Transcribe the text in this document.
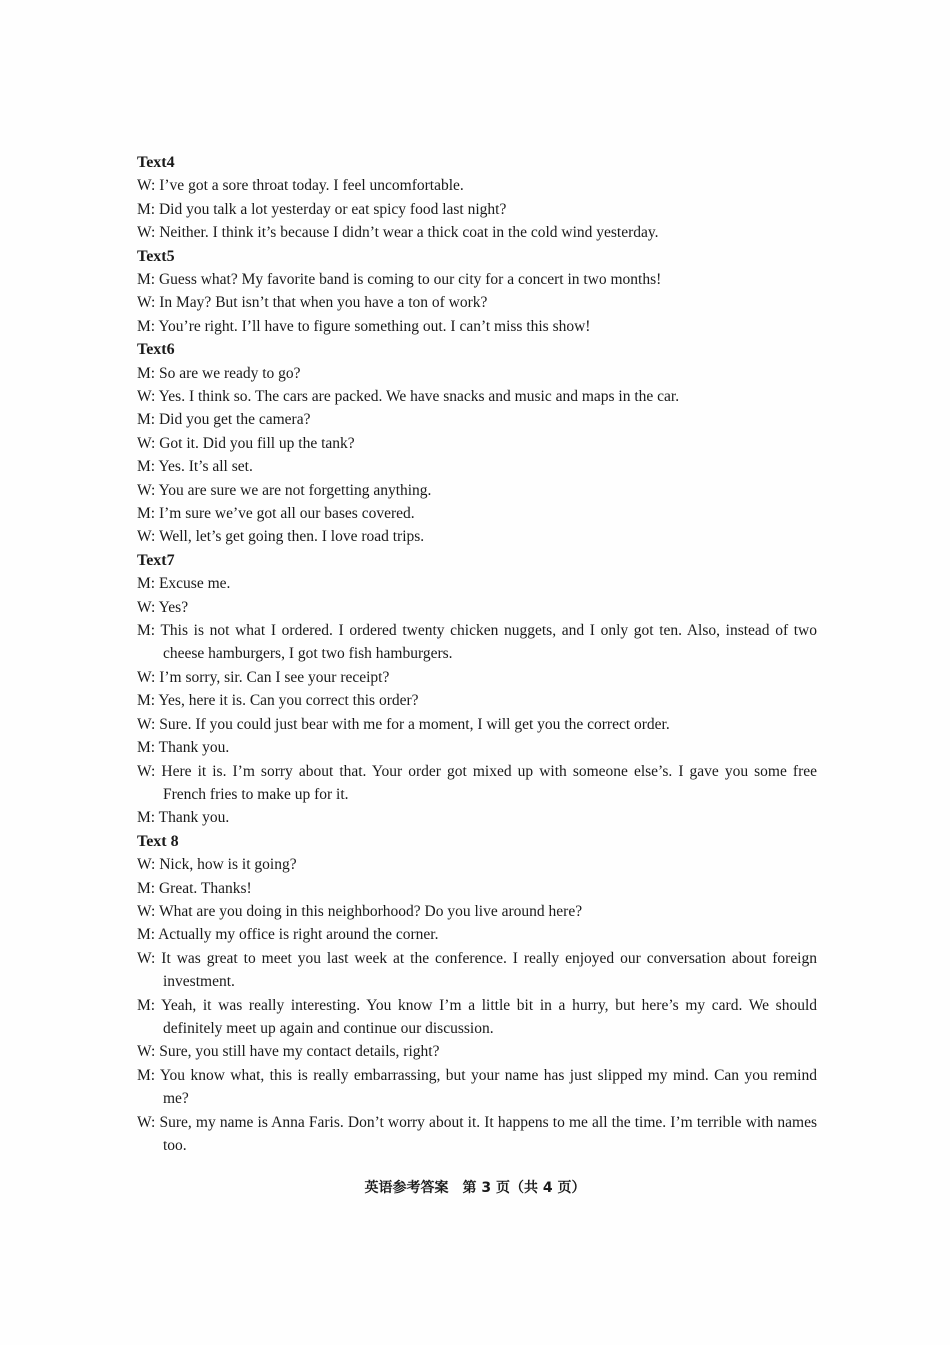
Text4
W: I’ve got a sore throat today. I feel uncomfortable.
M: Did you talk a lot yesterday or eat spicy food last night?
W: Neither. I think it’s because I didn’t wear a thick coat in the cold wind yesterday.
Text5
M: Guess what? My favorite band is coming to our city for a concert in two months!
W: In May? But isn’t that when you have a ton of work?
M: You’re right. I’ll have to figure something out. I can’t miss this show!
Text6
M: So are we ready to go?
W: Yes. I think so. The cars are packed. We have snacks and music and maps in the car.
M: Did you get the camera?
W: Got it. Did you fill up the tank?
M: Yes. It’s all set.
W: You are sure we are not forgetting anything.
M: I’m sure we’ve got all our bases covered.
W: Well, let’s get going then. I love road trips.
Text7
M: Excuse me.
W: Yes?
M: This is not what I ordered. I ordered twenty chicken nuggets, and I only got ten. Also, instead of two cheese hamburgers, I got two fish hamburgers.
W: I’m sorry, sir. Can I see your receipt?
M: Yes, here it is. Can you correct this order?
W: Sure. If you could just bear with me for a moment, I will get you the correct order.
M: Thank you.
W: Here it is. I’m sorry about that. Your order got mixed up with someone else’s. I gave you some free French fries to make up for it.
M: Thank you.
Text 8
W: Nick, how is it going?
M: Great. Thanks!
W: What are you doing in this neighborhood? Do you live around here?
M: Actually my office is right around the corner.
W: It was great to meet you last week at the conference. I really enjoyed our conversation about foreign investment.
M: Yeah, it was really interesting. You know I’m a little bit in a hurry, but here’s my card. We should definitely meet up again and continue our discussion.
W: Sure, you still have my contact details, right?
M: You know what, this is really embarrassing, but your name has just slipped my mind. Can you remind me?
W: Sure, my name is Anna Faris. Don’t worry about it. It happens to me all the time. I’m terrible with names too.
英语参考答案　第 3 页（共 4 页）
